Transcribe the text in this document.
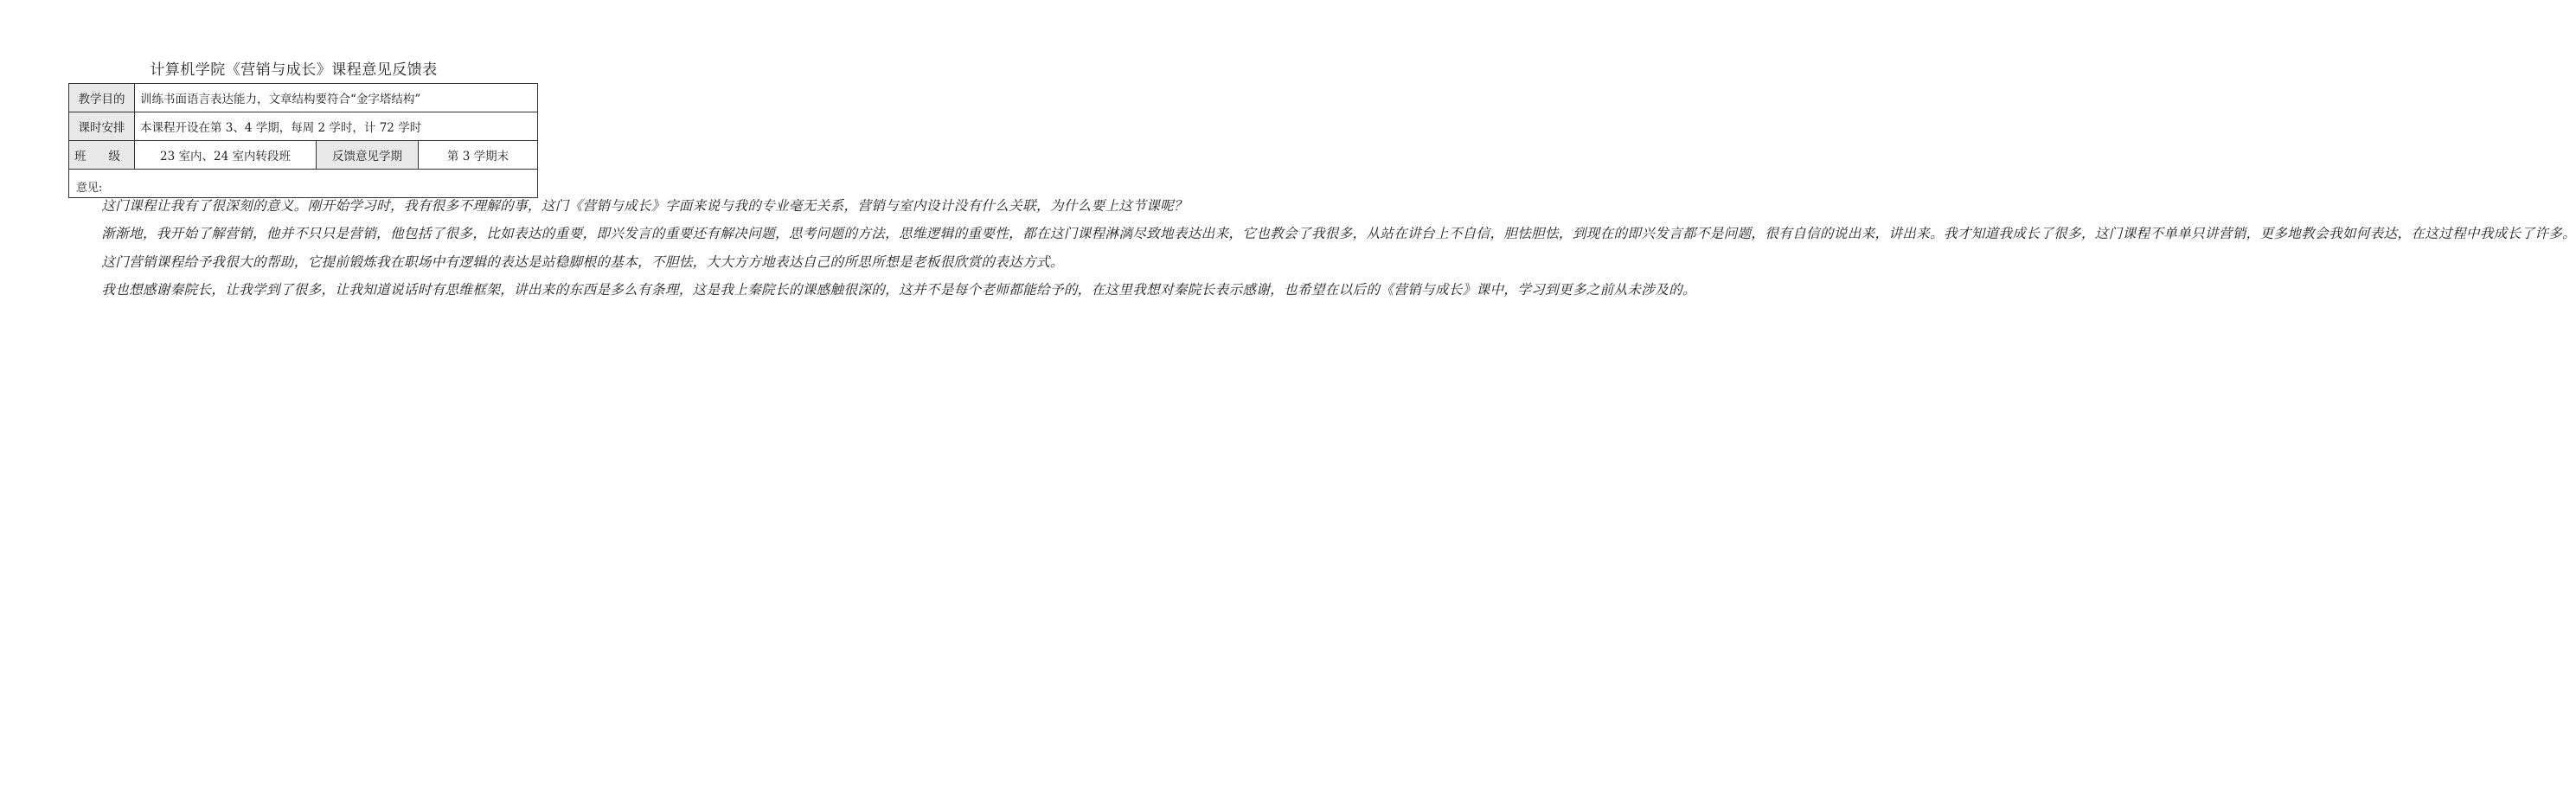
计算机学院《营销与成长》课程意见反馈表
教学目的	训练书面语言表达能力，文章结构要符合“金字塔结构”		
课时安排	本课程开设在第 3、4 学期，每周 2 学时，计 72 学时		
班级	23 室内、24 室内转段班	反馈意见学期	第 3 学期末

意见:

这门课程让我有了很深刻的意义。刚开始学习时，我有很多不理解的事，这门《营销与成长》字面来说与我的专业毫无关系，营销与室内设计没有什么关联，为什么要上这节课呢？

渐渐地，我开始了解营销，他并不只只是营销，他包括了很多，比如表达的重要，即兴发言的重要还有解决问题，思考问题的方法，思维逻辑的重要性，都在这门课程淋漓尽致地表达出来，它也教会了我很多，从站在讲台上不自信，胆怯胆怯，到现在的即兴发言都不是问题，很有自信的说出来，讲出来。我才知道我成长了很多，这门课程不单单只讲营销，更多地教会我如何表达，在这过程中我成长了许多。

这门营销课程给予我很大的帮助，它提前锻炼我在职场中有逻辑的表达是站稳脚根的基本，不胆怯，大大方方地表达自己的所思所想是老板很欣赏的表达方式。

我也想感谢秦院长，让我学到了很多，让我知道说话时有思维框架，讲出来的东西是多么有条理，这是我上秦院长的课感触很深的，这并不是每个老师都能给予的，在这里我想对秦院长表示感谢，也希望在以后的《营销与成长》课中，学习到更多之前从未涉及的。			
